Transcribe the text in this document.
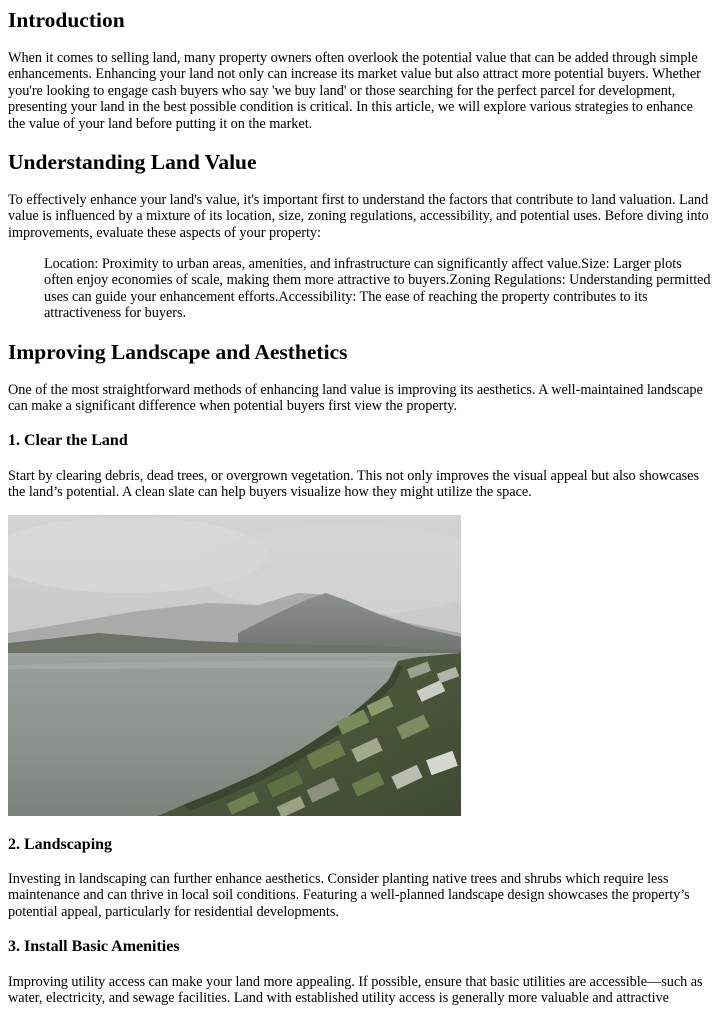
Introduction

When it comes to selling land, many property owners often overlook the potential value that can be added through simple enhancements. Enhancing your land not only can increase its market value but also attract more potential buyers. Whether you're looking to engage cash buyers who say 'we buy land' or those searching for the perfect parcel for development, presenting your land in the best possible condition is critical. In this article, we will explore various strategies to enhance the value of your land before putting it on the market.

Understanding Land Value

To effectively enhance your land's value, it's important first to understand the factors that contribute to land valuation. Land value is influenced by a mixture of its location, size, zoning regulations, accessibility, and potential uses. Before diving into improvements, evaluate these aspects of your property:

Location: Proximity to urban areas, amenities, and infrastructure can significantly affect value.Size: Larger plots often enjoy economies of scale, making them more attractive to buyers.Zoning Regulations: Understanding permitted uses can guide your enhancement efforts.Accessibility: The ease of reaching the property contributes to its attractiveness for buyers.

Improving Landscape and Aesthetics

One of the most straightforward methods of enhancing land value is improving its aesthetics. A well-maintained landscape can make a significant difference when potential buyers first view the property.

1. Clear the Land

Start by clearing debris, dead trees, or overgrown vegetation. This not only improves the visual appeal but also showcases the land’s potential. A clean slate can help buyers visualize how they might utilize the space.

2. Landscaping

Investing in landscaping can further enhance aesthetics. Consider planting native trees and shrubs which require less maintenance and can thrive in local soil conditions. Featuring a well-planned landscape design showcases the property’s potential appeal, particularly for residential developments.

3. Install Basic Amenities

Improving utility access can make your land more appealing. If possible, ensure that basic utilities are accessible—such as water, electricity, and sewage facilities. Land with established utility access is generally more valuable and attractive
